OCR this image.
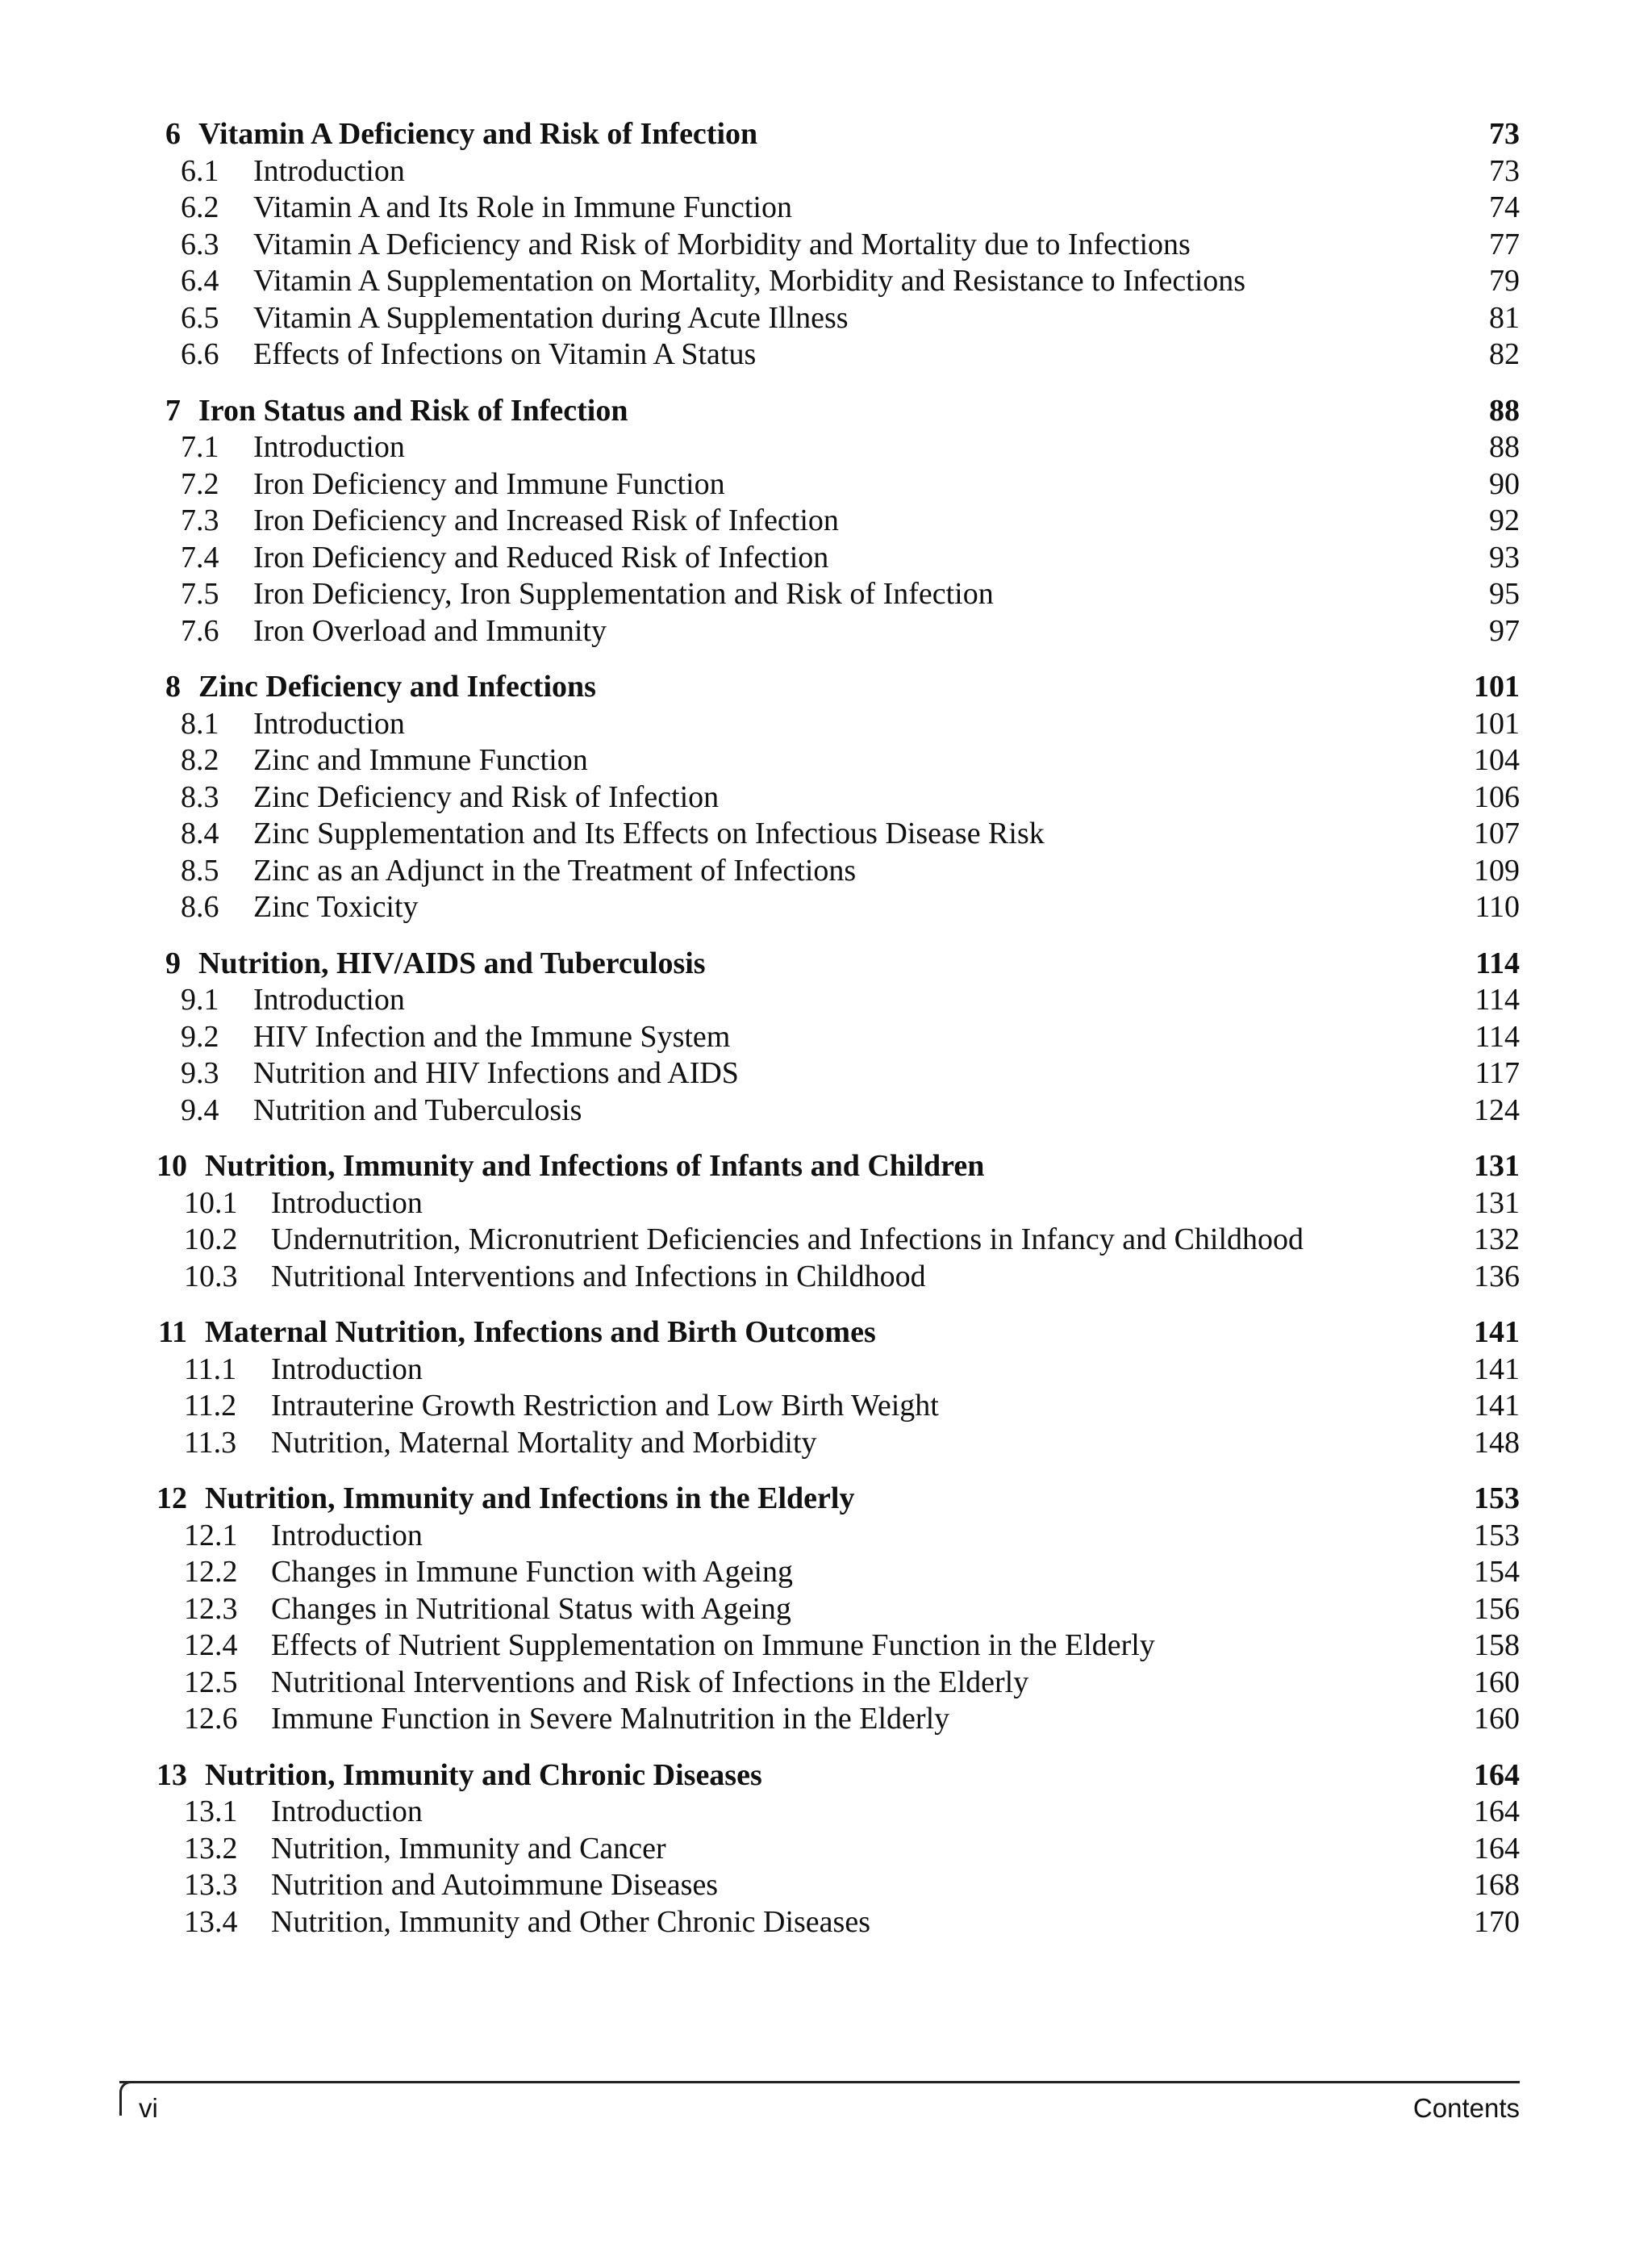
6 Vitamin A Deficiency and Risk of Infection	73
6.1	Introduction	73
6.2	Vitamin A and Its Role in Immune Function	74
6.3	Vitamin A Deficiency and Risk of Morbidity and Mortality due to Infections	77
6.4	Vitamin A Supplementation on Mortality, Morbidity and Resistance to Infections	79
6.5	Vitamin A Supplementation during Acute Illness	81
6.6	Effects of Infections on Vitamin A Status	82
7 Iron Status and Risk of Infection	88
7.1	Introduction	88
7.2	Iron Deficiency and Immune Function	90
7.3	Iron Deficiency and Increased Risk of Infection	92
7.4	Iron Deficiency and Reduced Risk of Infection	93
7.5	Iron Deficiency, Iron Supplementation and Risk of Infection	95
7.6	Iron Overload and Immunity	97
8 Zinc Deficiency and Infections	101
8.1	Introduction	101
8.2	Zinc and Immune Function	104
8.3	Zinc Deficiency and Risk of Infection	106
8.4	Zinc Supplementation and Its Effects on Infectious Disease Risk	107
8.5	Zinc as an Adjunct in the Treatment of Infections	109
8.6	Zinc Toxicity	110
9 Nutrition, HIV/AIDS and Tuberculosis	114
9.1	Introduction	114
9.2	HIV Infection and the Immune System	114
9.3	Nutrition and HIV Infections and AIDS	117
9.4	Nutrition and Tuberculosis	124
10 Nutrition, Immunity and Infections of Infants and Children	131
10.1	Introduction	131
10.2	Undernutrition, Micronutrient Deficiencies and Infections in Infancy and Childhood	132
10.3	Nutritional Interventions and Infections in Childhood	136
11 Maternal Nutrition, Infections and Birth Outcomes	141
11.1	Introduction	141
11.2	Intrauterine Growth Restriction and Low Birth Weight	141
11.3	Nutrition, Maternal Mortality and Morbidity	148
12 Nutrition, Immunity and Infections in the Elderly	153
12.1	Introduction	153
12.2	Changes in Immune Function with Ageing	154
12.3	Changes in Nutritional Status with Ageing	156
12.4	Effects of Nutrient Supplementation on Immune Function in the Elderly	158
12.5	Nutritional Interventions and Risk of Infections in the Elderly	160
12.6	Immune Function in Severe Malnutrition in the Elderly	160
13 Nutrition, Immunity and Chronic Diseases	164
13.1	Introduction	164
13.2	Nutrition, Immunity and Cancer	164
13.3	Nutrition and Autoimmune Diseases	168
13.4	Nutrition, Immunity and Other Chronic Diseases	170
vi	Contents
